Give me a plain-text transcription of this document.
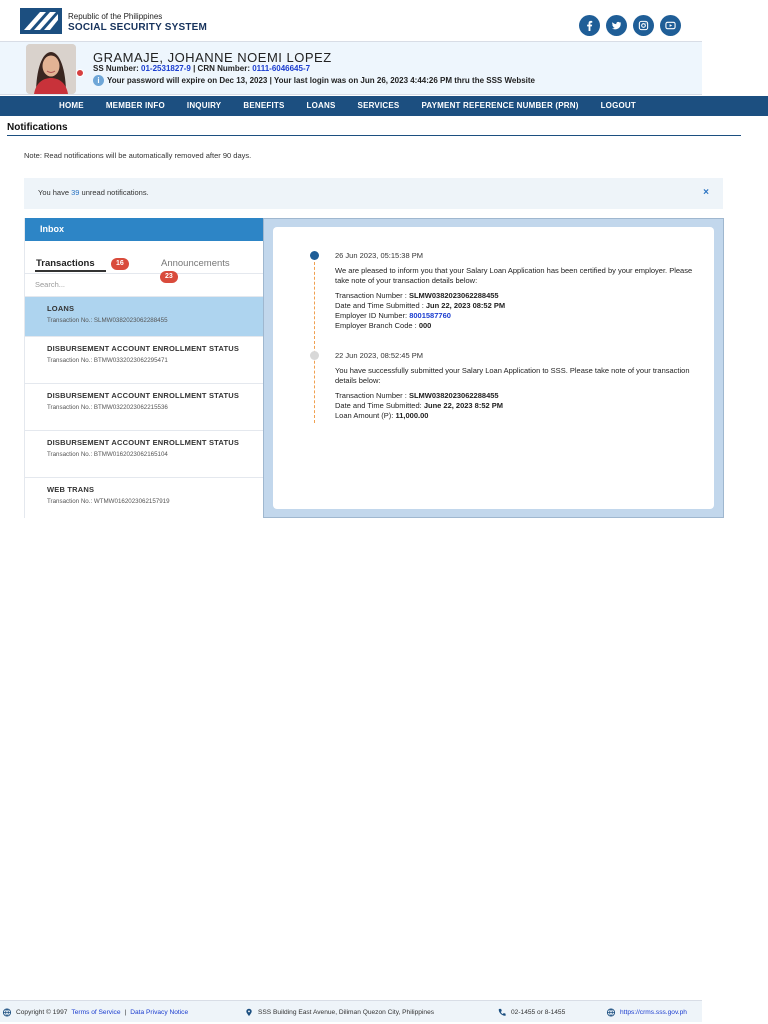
Republic of the Philippines
SOCIAL SECURITY SYSTEM
GRAMAJE, JOHANNE NOEMI LOPEZ
SS Number: 01-2531827-9 | CRN Number: 0111-6046645-7
i Your password will expire on Dec 13, 2023 | Your last login was on Jun 26, 2023 4:44:26 PM thru the SSS Website
HOME	MEMBER INFO	INQUIRY	BENEFITS	LOANS	SERVICES	PAYMENT REFERENCE NUMBER (PRN)	LOGOUT
Notifications
Note: Read notifications will be automatically removed after 90 days.
You have 39 unread notifications.	×
Inbox
Transactions	16	Announcements
23
Search...
LOANS
Transaction No.: SLMW0382023062288455
DISBURSEMENT ACCOUNT ENROLLMENT STATUS
Transaction No.: BTMW0332023062295471
DISBURSEMENT ACCOUNT ENROLLMENT STATUS
Transaction No.: BTMW0322023062215536
DISBURSEMENT ACCOUNT ENROLLMENT STATUS
Transaction No.: BTMW0162023062165104
WEB TRANS
Transaction No.: WTMW0162023062157919
26 Jun 2023, 05:15:38 PM
We are pleased to inform you that your Salary Loan Application has been certified by your employer. Please take note of your transaction details below:
Transaction Number : SLMW0382023062288455
Date and Time Submitted : Jun 22, 2023 08:52 PM
Employer ID Number: 8001587760
Employer Branch Code : 000
22 Jun 2023, 08:52:45 PM
You have successfully submitted your Salary Loan Application to SSS. Please take note of your transaction details below:
Transaction Number : SLMW0382023062288455
Date and Time Submitted: June 22, 2023 8:52 PM
Loan Amount (P): 11,000.00
Copyright © 1997 Terms of Service | Data Privacy Notice	SSS Building East Avenue, Diliman Quezon City, Philippines	02-1455 or 8-1455	https://crms.sss.gov.ph
